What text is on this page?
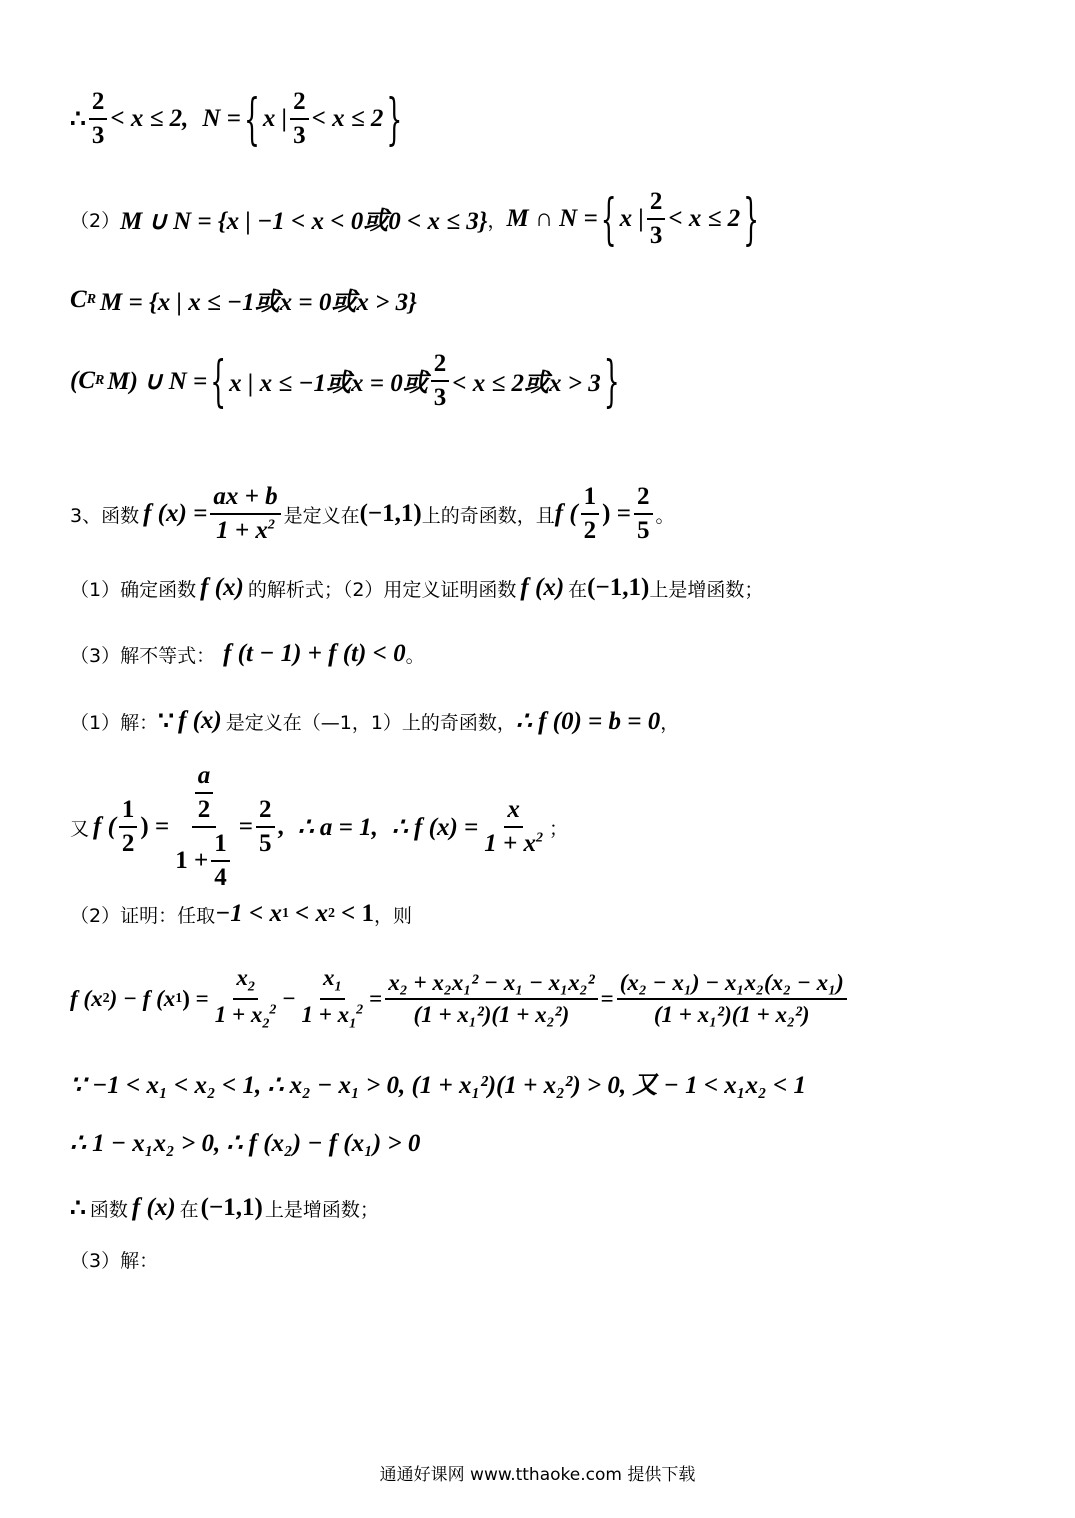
∴ $\frac{2}{3} < x \le 2$, N = { x | $\frac{2}{3} < x \le 2$ }
（2） M ∪ N = {x | −1 < x < 0或0 < x ≤ 3} ， M ∩ N = { x | $\frac{2}{3} < x \le 2$ }
C R M = {x | x ≤ −1或x = 0或x > 3}
(C R M) ∪ N = { x | x ≤ −1或x = 0或 $\frac{2}{3} < x \le 2$或x > 3 }
3、函数 f $(x) = \frac{ax + b}{1 + x^2}$ 是定义在 (−1,1) 上的奇函数，且 f ( $\frac{1}{2}$ ) = $\frac{2}{5}$ 。
（1）确定函数 f (x) 的解析式；（2）用定义证明函数 f (x) 在 (−1,1) 上是增函数；
（3）解不等式： f (t − 1) + f (t) < 0 。
（1）解： ∵ f (x) 是定义在（—1，1）上的奇函数， ∴ f (0) = b = 0 ，
又 f ( $\frac{1}{2}$ ) = $\frac{\frac{a}{2}}{1 + \frac{1}{4}} = \frac{2}{5}$ , ∴ a = 1, ∴ f $(x) = \frac{x}{1 + x^2}$ ；
（2）证明：任取 −1 < x 1 < x 2 < 1 ，则
f (x 2 ) − f (x 1 ) = $\frac{x_2}{1 + x_2^2} - \frac{x_1}{1 + x_1^2} = \frac{\text{x₂ + x₂x₁² − x₁ − x₁x₂²}}{\text{(1 + x₁²)(1 + x₂²)}} = \frac{\text{(x₂ − x₁) − x₁x₂(x₂ − x₁)}}{\text{(1 + x₁²)(1 + x₂²)}}$
∵ −1 < x₁ < x₂ < 1, ∴ x₂ − x₁ > 0, (1 + x₁²)(1 + x₂²) > 0, 又 − 1 < x₁x₂ < 1
∴ 1 − x₁x₂ > 0, ∴ f (x₂) − f (x₁) > 0
∴ 函数 f (x) 在 (−1,1) 上是增函数；
（3）解：
通通好课网 www.tthaoke.com 提供下载
